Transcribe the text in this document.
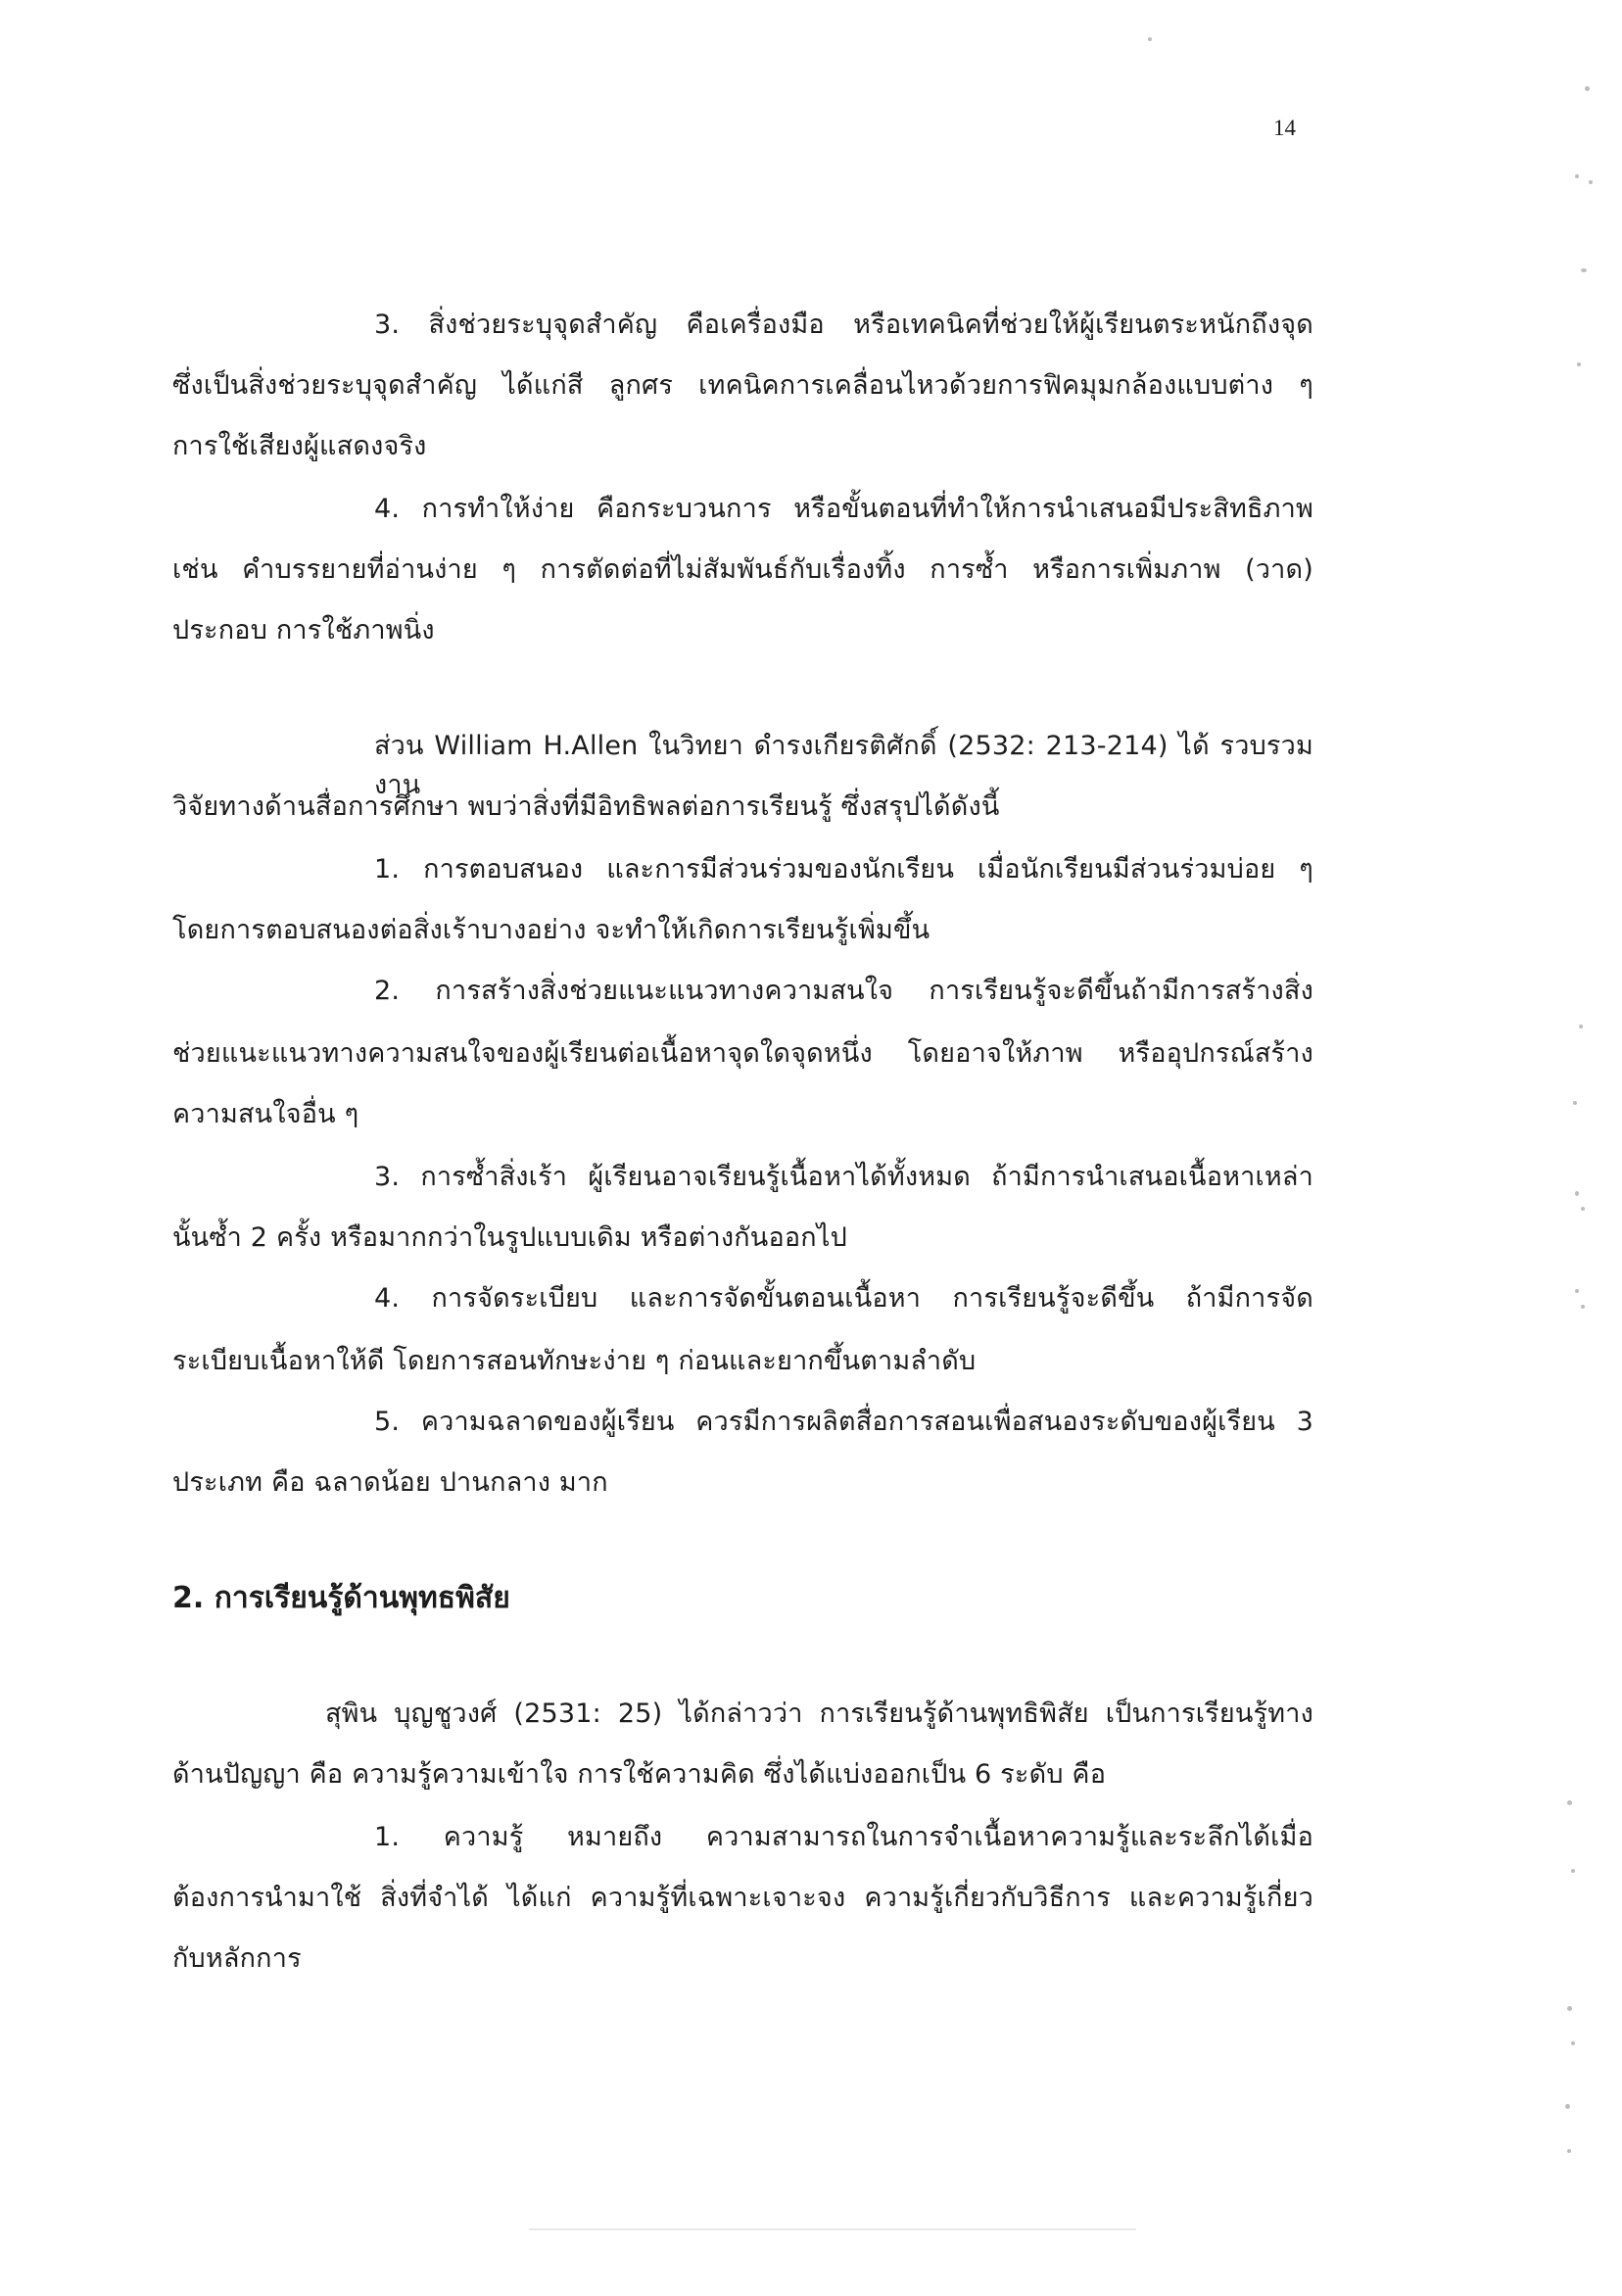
14
3. สิ่งช่วยระบุจุดสำคัญ คือเครื่องมือ หรือเทคนิคที่ช่วยให้ผู้เรียนตระหนักถึงจุด
ซึ่งเป็นสิ่งช่วยระบุจุดสำคัญ ได้แก่สี ลูกศร เทคนิคการเคลื่อนไหวด้วยการฟิคมุมกล้องแบบต่าง ๆ
การใช้เสียงผู้แสดงจริง
4. การทำให้ง่าย คือกระบวนการ หรือขั้นตอนที่ทำให้การนำเสนอมีประสิทธิภาพ
เช่น คำบรรยายที่อ่านง่าย ๆ การตัดต่อที่ไม่สัมพันธ์กับเรื่องทิ้ง การซ้ำ หรือการเพิ่มภาพ (วาด)
ประกอบ การใช้ภาพนิ่ง
ส่วน William H.Allen ในวิทยา ดำรงเกียรติศักดิ์ (2532: 213-214) ได้ รวบรวมงาน
วิจัยทางด้านสื่อการศึกษา พบว่าสิ่งที่มีอิทธิพลต่อการเรียนรู้ ซึ่งสรุปได้ดังนี้
1. การตอบสนอง และการมีส่วนร่วมของนักเรียน เมื่อนักเรียนมีส่วนร่วมบ่อย ๆ
โดยการตอบสนองต่อสิ่งเร้าบางอย่าง จะทำให้เกิดการเรียนรู้เพิ่มขึ้น
2. การสร้างสิ่งช่วยแนะแนวทางความสนใจ การเรียนรู้จะดีขึ้นถ้ามีการสร้างสิ่ง
ช่วยแนะแนวทางความสนใจของผู้เรียนต่อเนื้อหาจุดใดจุดหนึ่ง โดยอาจให้ภาพ หรืออุปกรณ์สร้าง
ความสนใจอื่น ๆ
3. การซ้ำสิ่งเร้า ผู้เรียนอาจเรียนรู้เนื้อหาได้ทั้งหมด ถ้ามีการนำเสนอเนื้อหาเหล่า
นั้นซ้ำ 2 ครั้ง หรือมากกว่าในรูปแบบเดิม หรือต่างกันออกไป
4. การจัดระเบียบ และการจัดขั้นตอนเนื้อหา การเรียนรู้จะดีขึ้น ถ้ามีการจัด
ระเบียบเนื้อหาให้ดี โดยการสอนทักษะง่าย ๆ ก่อนและยากขึ้นตามลำดับ
5. ความฉลาดของผู้เรียน ควรมีการผลิตสื่อการสอนเพื่อสนองระดับของผู้เรียน 3
ประเภท คือ ฉลาดน้อย ปานกลาง มาก
2. การเรียนรู้ด้านพุทธพิสัย
สุพิน บุญชูวงศ์ (2531: 25) ได้กล่าวว่า การเรียนรู้ด้านพุทธิพิสัย เป็นการเรียนรู้ทาง
ด้านปัญญา คือ ความรู้ความเข้าใจ การใช้ความคิด ซึ่งได้แบ่งออกเป็น 6 ระดับ คือ
1. ความรู้ หมายถึง ความสามารถในการจำเนื้อหาความรู้และระลึกได้เมื่อ
ต้องการนำมาใช้ สิ่งที่จำได้ ได้แก่ ความรู้ที่เฉพาะเจาะจง ความรู้เกี่ยวกับวิธีการ และความรู้เกี่ยว
กับหลักการ
